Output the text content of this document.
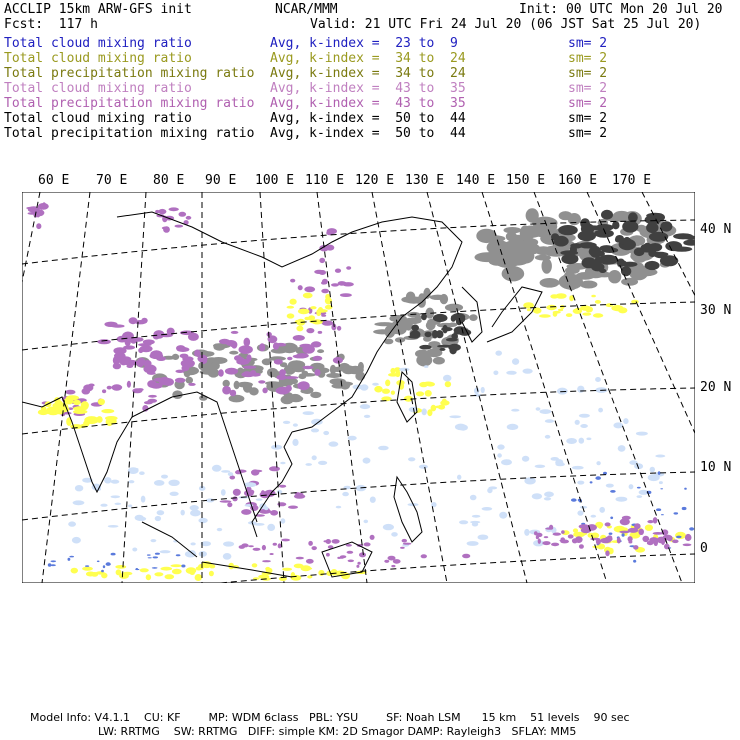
ACCLIP 15km ARW-GFS init	NCAR/MMM	Init: 00 UTC Mon 20 Jul 20
Fcst:  117 h	Valid: 21 UTC Fri 24 Jul 20 (06 JST Sat 25 Jul 20)
Total cloud mixing ratio	Avg, k-index =  23 to  9	sm= 2
Total cloud mixing ratio	Avg, k-index =  34 to  24	sm= 2
Total precipitation mixing ratio Avg, k-index =  34 to  24	sm= 2
Total cloud mixing ratio	Avg, k-index =  43 to  35	sm= 2
Total precipitation mixing ratio Avg, k-index =  43 to  35	sm= 2
Total cloud mixing ratio	Avg, k-index =  50 to  44	sm= 2
Total precipitation mixing ratio Avg, k-index =  50 to  44	sm= 2
60 E 70 E 80 E 90 E 100 E 110 E 120 E 130 E 140 E 150 E 160 E 170 E
40 N
30 N
20 N
10 N
0
Model Info: V4.1.1    CU: KF        MP: WDM 6class   PBL: YSU        SF: Noah LSM      15 km    51 levels    90 sec
LW: RRTMG    SW: RRTMG   DIFF: simple KM: 2D Smagor DAMP: Rayleigh3   SFLAY: MM5
